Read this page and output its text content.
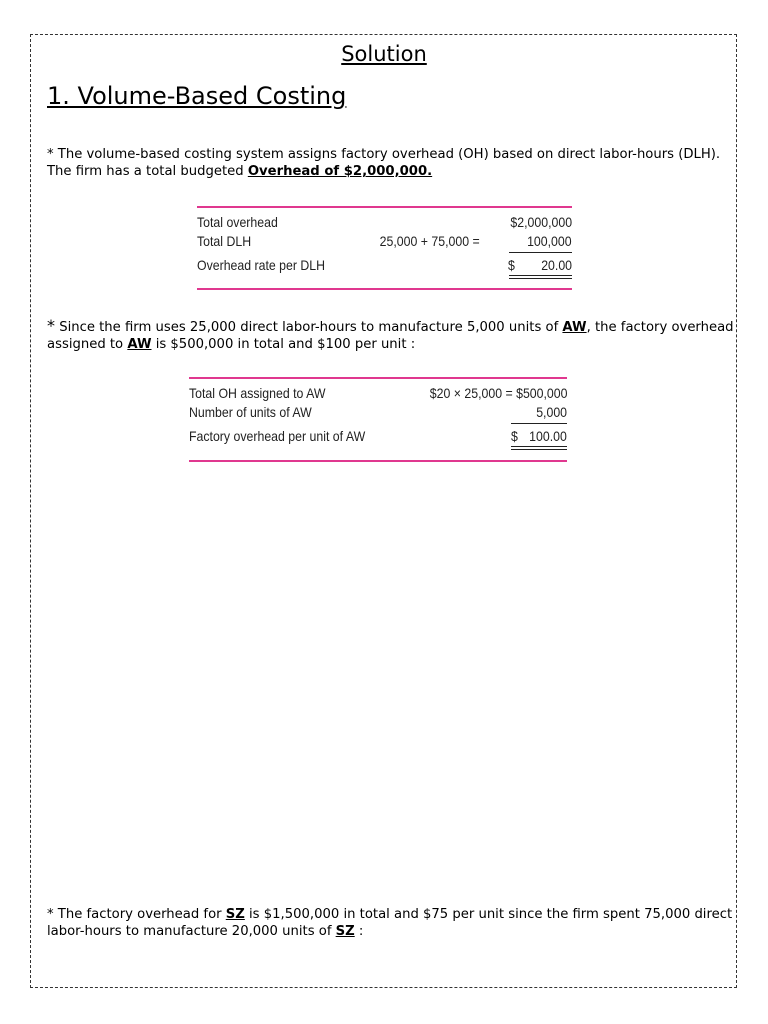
Solution
1. Volume-Based Costing
* The volume-based costing system assigns factory overhead (OH) based on direct labor-hours (DLH). The firm has a total budgeted Overhead of $2,000,000.
Total overhead	$2,000,000
Total DLH	25,000 + 75,000 =	100,000
Overhead rate per DLH	$ 20.00
* Since the firm uses 25,000 direct labor-hours to manufacture 5,000 units of AW, the factory overhead assigned to AW is $500,000 in total and $100 per unit :
Total OH assigned to AW	$20 × 25,000 = $500,000
Number of units of AW	5,000
Factory overhead per unit of AW	$ 100.00
* The factory overhead for SZ is $1,500,000 in total and $75 per unit since the firm spent 75,000 direct labor-hours to manufacture 20,000 units of SZ :
